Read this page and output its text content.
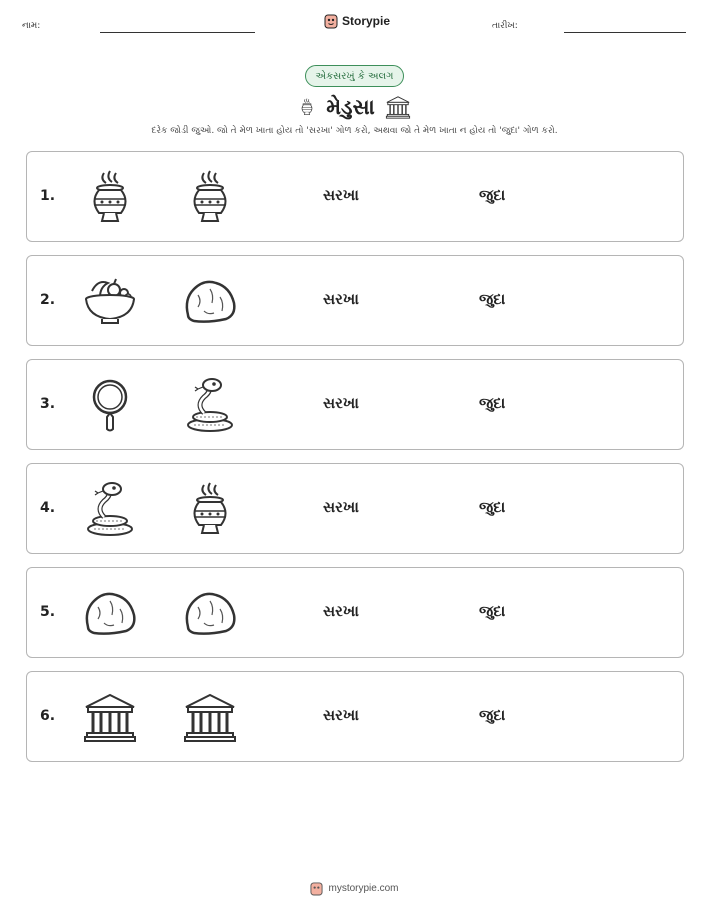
નામ:	Storypie	તારીખ:
એકસરખું કે અલગ
મેડુસા
દરેક જોડી જુઓ. જો તે મેળ ખાતા હોય તો 'સરખા' ગોળ કરો, અથવા જો તે મેળ ખાતા ન હોય તો 'જુદા' ગોળ કરો.
1.	સરખા	જુદા
2.	સરખા	જુદા
3.	સરખા	જુદા
4.	સરખા	જુદા
5.	સરખા	જુદા
6.	સરખા	જુદા
mystorypie.com
